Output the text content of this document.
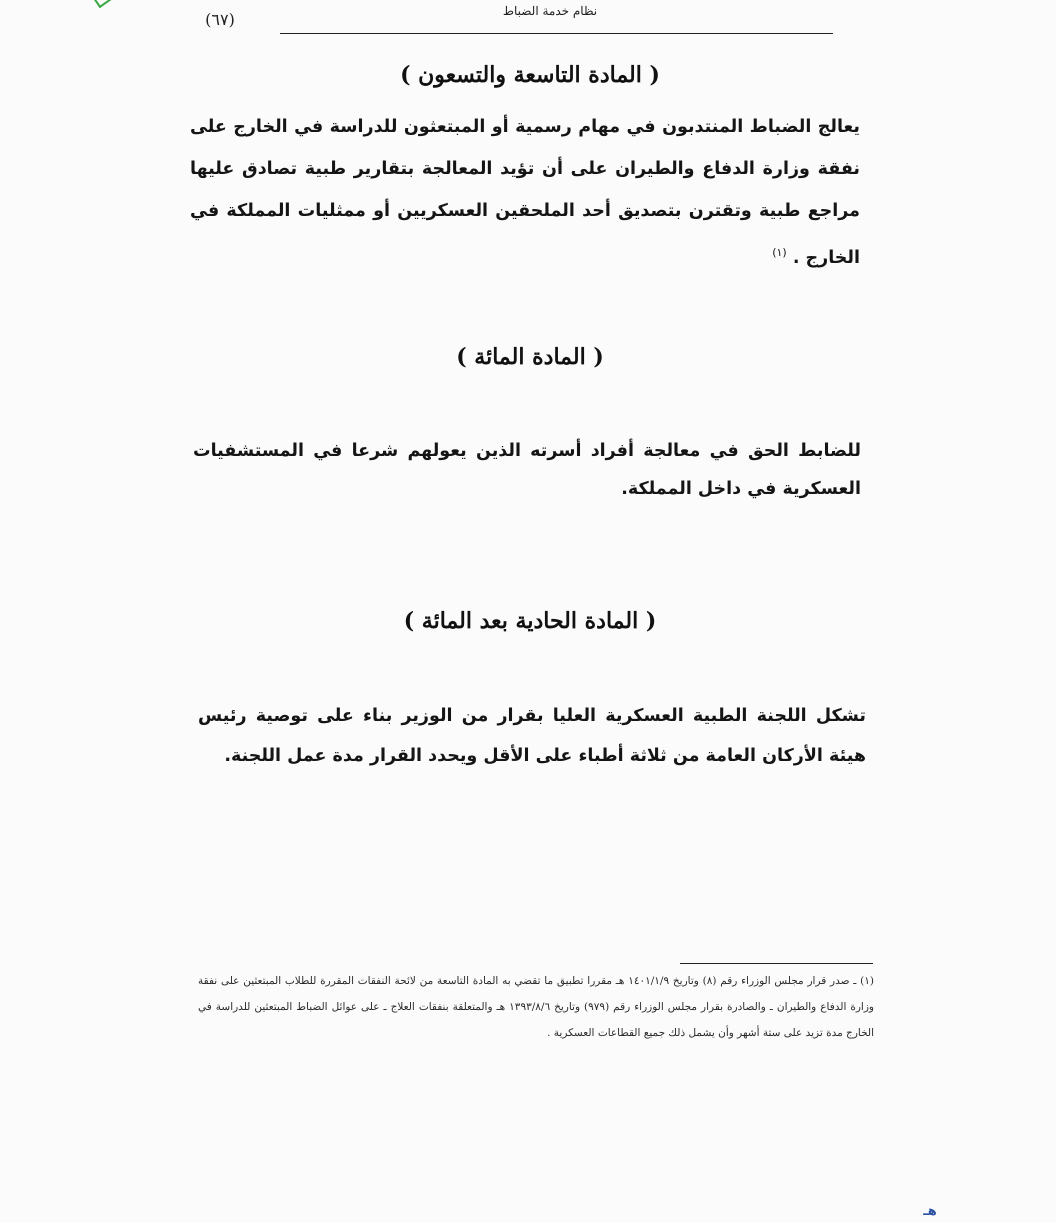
نظام خدمة الضباط
(٦٧)
( المادة التاسعة والتسعون )
يعالج الضباط المنتدبون في مهام رسمية أو المبتعثون للدراسة في الخارج على نفقة وزارة الدفاع والطيران على أن تؤيد المعالجة بتقارير طبية تصادق عليها مراجع طبية وتقترن بتصديق أحد الملحقين العسكريين أو ممثليات المملكة في الخارج . $^{(١)}$
( المادة المائة )
للضابط الحق في معالجة أفراد أسرته الذين يعولهم شرعا في المستشفيات العسكرية في داخل المملكة.
( المادة الحادية بعد المائة )
تشكل اللجنة الطبية العسكرية العليا بقرار من الوزير بناء على توصية رئيس هيئة الأركان العامة من ثلاثة أطباء على الأقل ويحدد القرار مدة عمل اللجنة.
(١) ـ صدر قرار مجلس الوزراء رقم (٨) وتاريخ ١٤٠١/١/٩ هـ مقررا تطبيق ما تقضي به المادة التاسعة من لائحة النفقات المقررة للطلاب المبتعثين على نفقة وزارة الدفاع والطيران ـ والصادرة بقرار مجلس الوزراء رقم (٩٧٩) وتاريخ ١٣٩٣/٨/٦ هـ والمتعلقة بنفقات العلاج ـ على عوائل الضباط المبتعثين للدراسة في الخارج مدة تزيد على ستة أشهر وأن يشمل ذلك جميع القطاعات العسكرية .
هـ
